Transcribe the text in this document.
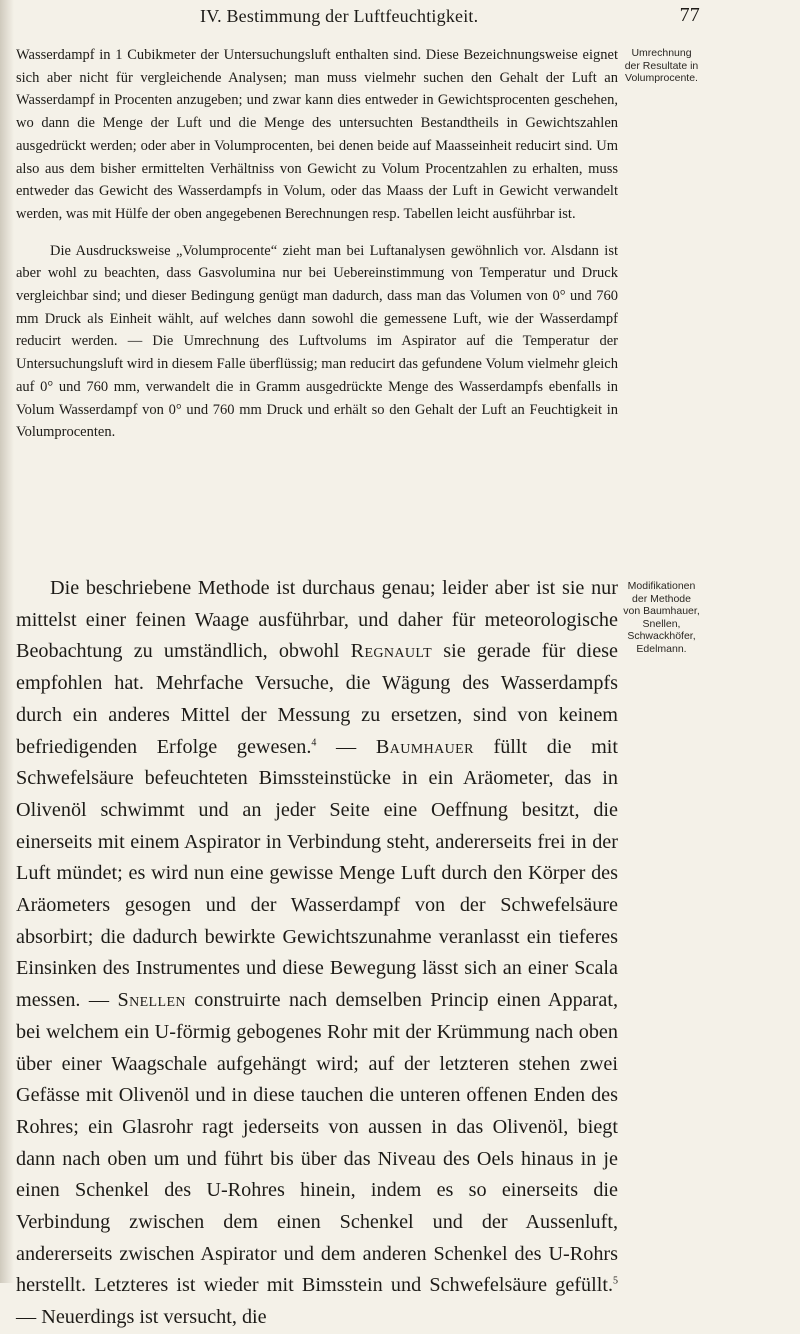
IV. Bestimmung der Luftfeuchtigkeit.	77

Wasserdampf in 1 Cubikmeter der Untersuchungsluft enthalten sind. Diese Bezeichnungsweise eignet sich aber nicht für vergleichende Analysen; man muss vielmehr suchen den Gehalt der Luft an Wasserdampf in Procenten anzugeben; und zwar kann dies entweder in Gewichtsprocenten geschehen, wo dann die Menge der Luft und die Menge des untersuchten Bestandtheils in Gewichtszahlen ausgedrückt werden; oder aber in Volumprocenten, bei denen beide auf Maasseinheit reducirt sind. Um also aus dem bisher ermittelten Verhältniss von Gewicht zu Volum Procentzahlen zu erhalten, muss entweder das Gewicht des Wasserdampfs in Volum, oder das Maass der Luft in Gewicht verwandelt werden, was mit Hülfe der oben angegebenen Berechnungen resp. Tabellen leicht ausführbar ist.

Die Ausdrucksweise „Volumprocente“ zieht man bei Luftanalysen gewöhnlich vor. Alsdann ist aber wohl zu beachten, dass Gasvolumina nur bei Uebereinstimmung von Temperatur und Druck vergleichbar sind; und dieser Bedingung genügt man dadurch, dass man das Volumen von 0° und 760 mm Druck als Einheit wählt, auf welches dann sowohl die gemessene Luft, wie der Wasserdampf reducirt werden. — Die Umrechnung des Luftvolums im Aspirator auf die Temperatur der Untersuchungsluft wird in diesem Falle überflüssig; man reducirt das gefundene Volum vielmehr gleich auf 0° und 760 mm, verwandelt die in Gramm ausgedrückte Menge des Wasserdampfs ebenfalls in Volum Wasserdampf von 0° und 760 mm Druck und erhält so den Gehalt der Luft an Feuchtigkeit in Volumprocenten.

Die beschriebene Methode ist durchaus genau; leider aber ist sie nur mittelst einer feinen Waage ausführbar, und daher für meteorologische Beobachtung zu umständlich, obwohl Regnault sie gerade für diese empfohlen hat. Mehrfache Versuche, die Wägung des Wasserdampfs durch ein anderes Mittel der Messung zu ersetzen, sind von keinem befriedigenden Erfolge gewesen.$^4$ — Baumhauer füllt die mit Schwefelsäure befeuchteten Bimssteinstücke in ein Aräometer, das in Olivenöl schwimmt und an jeder Seite eine Oeffnung besitzt, die einerseits mit einem Aspirator in Verbindung steht, andererseits frei in der Luft mündet; es wird nun eine gewisse Menge Luft durch den Körper des Aräometers gesogen und der Wasserdampf von der Schwefelsäure absorbirt; die dadurch bewirkte Gewichtszunahme veranlasst ein tieferes Einsinken des Instrumentes und diese Bewegung lässt sich an einer Scala messen. — Snellen construirte nach demselben Princip einen Apparat, bei welchem ein U-förmig gebogenes Rohr mit der Krümmung nach oben über einer Waagschale aufgehängt wird; auf der letzteren stehen zwei Gefässe mit Olivenöl und in diese tauchen die unteren offenen Enden des Rohres; ein Glasrohr ragt jederseits von aussen in das Olivenöl, biegt dann nach oben um und führt bis über das Niveau des Oels hinaus in je einen Schenkel des U-Rohres hinein, indem es so einerseits die Verbindung zwischen dem einen Schenkel und der Aussenluft, andererseits zwischen Aspirator und dem anderen Schenkel des U-Rohrs herstellt. Letzteres ist wieder mit Bimsstein und Schwefelsäure gefüllt.$^5$ — Neuerdings ist versucht, die

Umrechnung der Resultate in Volumprocente.
Modifikationen der Methode von Baumhauer, Snellen, Schwackhöfer, Edelmann.
